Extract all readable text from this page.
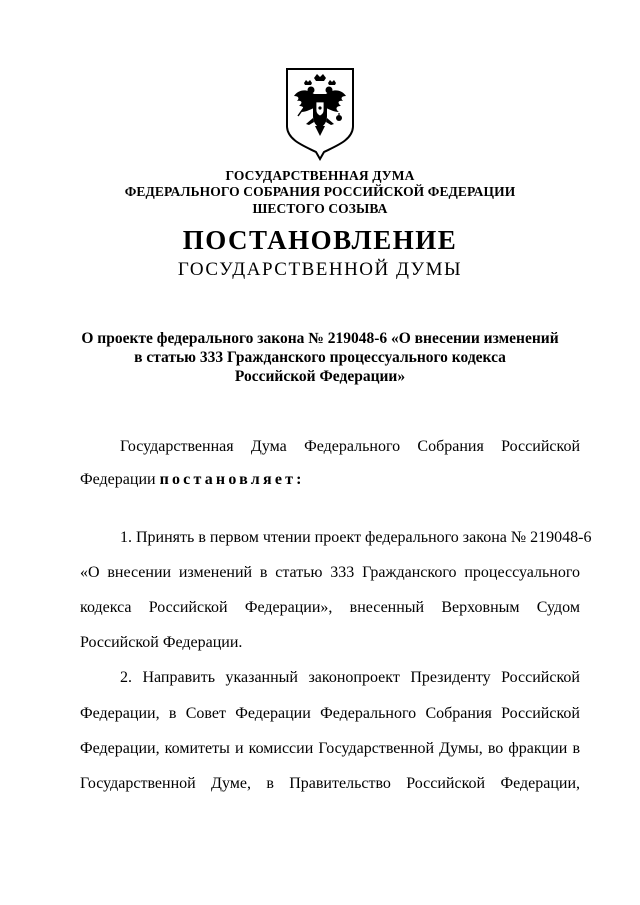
ГОСУДАРСТВЕННАЯ ДУМА
ФЕДЕРАЛЬНОГО СОБРАНИЯ РОССИЙСКОЙ ФЕДЕРАЦИИ
ШЕСТОГО СОЗЫВА
ПОСТАНОВЛЕНИЕ
ГОСУДАРСТВЕННОЙ ДУМЫ
О проекте федерального закона № 219048-6 «О внесении изменений
в статью 333 Гражданского процессуального кодекса
Российской Федерации»
Государственная Дума Федерального Собрания Российской
Федерации постановляет:
1. Принять в первом чтении проект федерального закона № 219048-6
«О внесении изменений в статью 333 Гражданского процессуального
кодекса Российской Федерации», внесенный Верховным Судом
Российской Федерации.
2. Направить указанный законопроект Президенту Российской
Федерации, в Совет Федерации Федерального Собрания Российской
Федерации, комитеты и комиссии Государственной Думы, во фракции в
Государственной Думе, в Правительство Российской Федерации,
